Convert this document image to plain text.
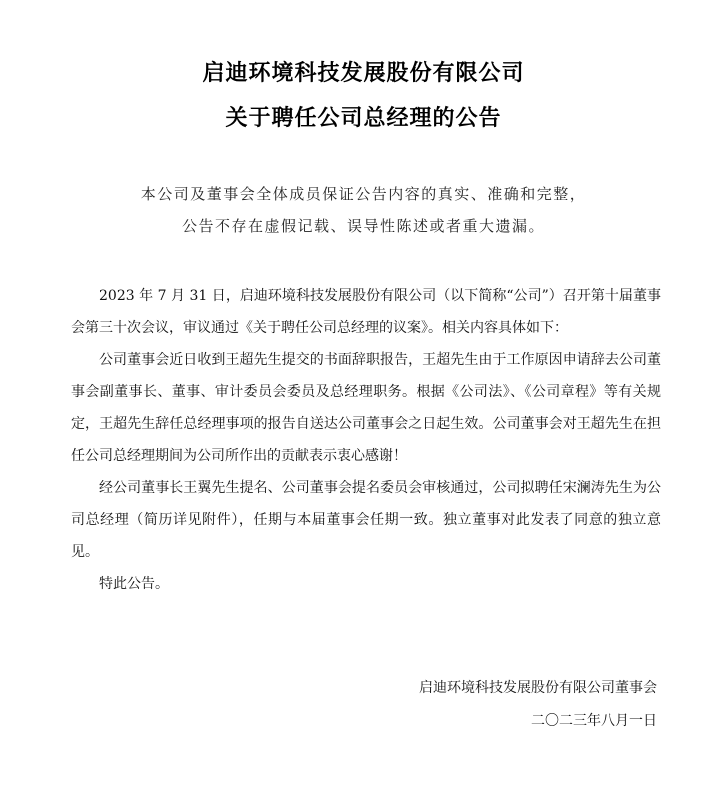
启迪环境科技发展股份有限公司
关于聘任公司总经理的公告
本公司及董事会全体成员保证公告内容的真实、准确和完整，
公告不存在虚假记载、误导性陈述或者重大遗漏。

2023 年 7 月 31 日，启迪环境科技发展股份有限公司（以下简称“公司”）召开第十届董事会第三十次会议，审议通过《关于聘任公司总经理的议案》。相关内容具体如下：

公司董事会近日收到王超先生提交的书面辞职报告，王超先生由于工作原因申请辞去公司董事会副董事长、董事、审计委员会委员及总经理职务。根据《公司法》、《公司章程》等有关规定，王超先生辞任总经理事项的报告自送达公司董事会之日起生效。公司董事会对王超先生在担任公司总经理期间为公司所作出的贡献表示衷心感谢！

经公司董事长王翼先生提名、公司董事会提名委员会审核通过，公司拟聘任宋澜涛先生为公司总经理（简历详见附件），任期与本届董事会任期一致。独立董事对此发表了同意的独立意见。

特此公告。

启迪环境科技发展股份有限公司董事会
二〇二三年八月一日
